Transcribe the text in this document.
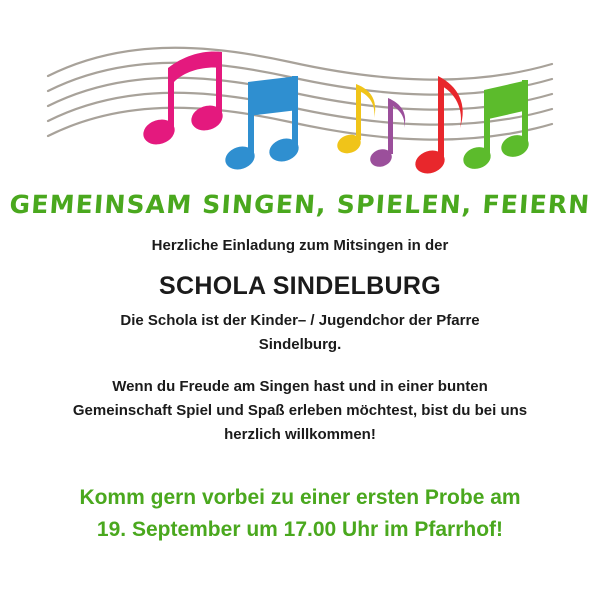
GEMEINSAM SINGEN, SPIELEN, FEIERN
Herzliche Einladung zum Mitsingen in der
SCHOLA SINDELBURG
Die Schola ist der Kinder– / Jugendchor der Pfarre Sindelburg.
Wenn du Freude am Singen hast und in einer bunten Gemeinschaft Spiel und Spaß erleben möchtest, bist du bei uns herzlich willkommen!
Komm gern vorbei zu einer ersten Probe am
19. September um 17.00 Uhr im Pfarrhof!
